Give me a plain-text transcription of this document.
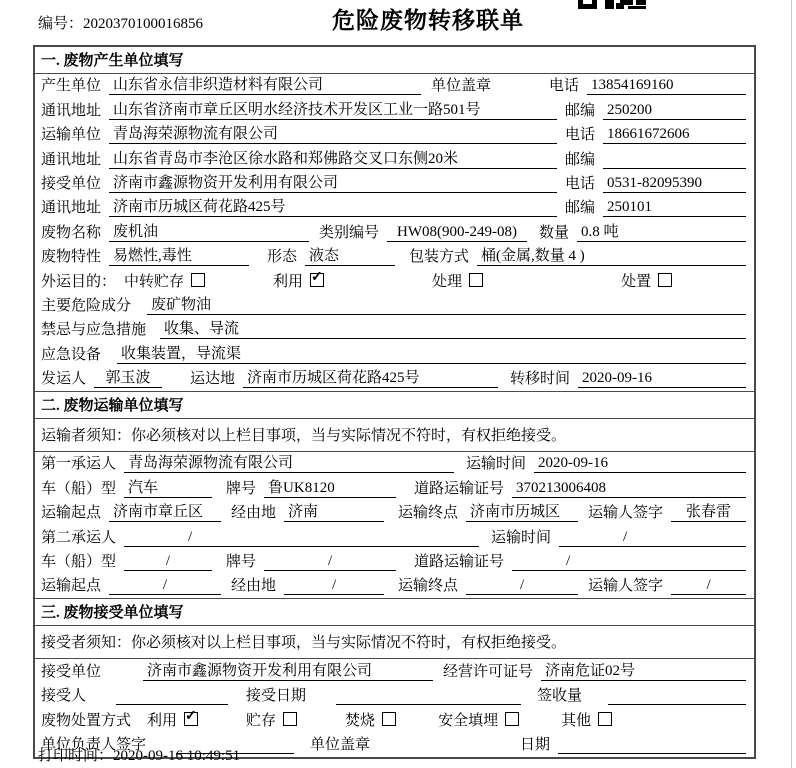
编号：2020370100016856	危险废物转移联单
一. 废物产生单位填写
产生单位 山东省永信非织造材料有限公司	单位盖章	电话 13854169160
通讯地址 山东省济南市章丘区明水经济技术开发区工业一路501号	邮编 250200
运输单位 青岛海荣源物流有限公司	电话 18661672606
通讯地址 山东省青岛市李沧区徐水路和郑佛路交叉口东侧20米	邮编
接受单位 济南市鑫源物资开发利用有限公司	电话 0531-82095390
通讯地址 济南市历城区荷花路425号	邮编 250101
废物名称 废机油	类别编号	HW08(900-249-08)	数量 0.8 吨
废物特性 易燃性,毒性	形态 液态	包装方式 桶(金属,数量 4 )
外运目的： 中转贮存	利用 ✓	处理	处置
主要危险成分 废矿物油
禁忌与应急措施 收集、导流
应急设备 收集装置，导流渠
发运人	郭玉波	运达地 济南市历城区荷花路425号	转移时间 2020-09-16
二. 废物运输单位填写
运输者须知：你必须核对以上栏目事项，当与实际情况不符时，有权拒绝接受。
第一承运人 青岛海荣源物流有限公司	运输时间 2020-09-16
车（船）型 汽车	牌号 鲁UK8120	道路运输证号 370213006408
运输起点 济南市章丘区	经由地 济南	运输终点 济南市历城区	运输人签字	张春雷
第二承运人	/	运输时间	/
车（船）型	/	牌号	/	道路运输证号	/
运输起点	/	经由地	/	运输终点	/	运输人签字	/
三. 废物接受单位填写
接受者须知：你必须核对以上栏目事项，当与实际情况不符时，有权拒绝接受。
接受单位	济南市鑫源物资开发利用有限公司	经营许可证号 济南危证02号
接受人	接受日期	签收量
废物处置方式 利用 ✓	贮存	焚烧	安全填埋	其他
单位负责人签字	单位盖章	日期
打印时间：2020-09-16 10:49:51
